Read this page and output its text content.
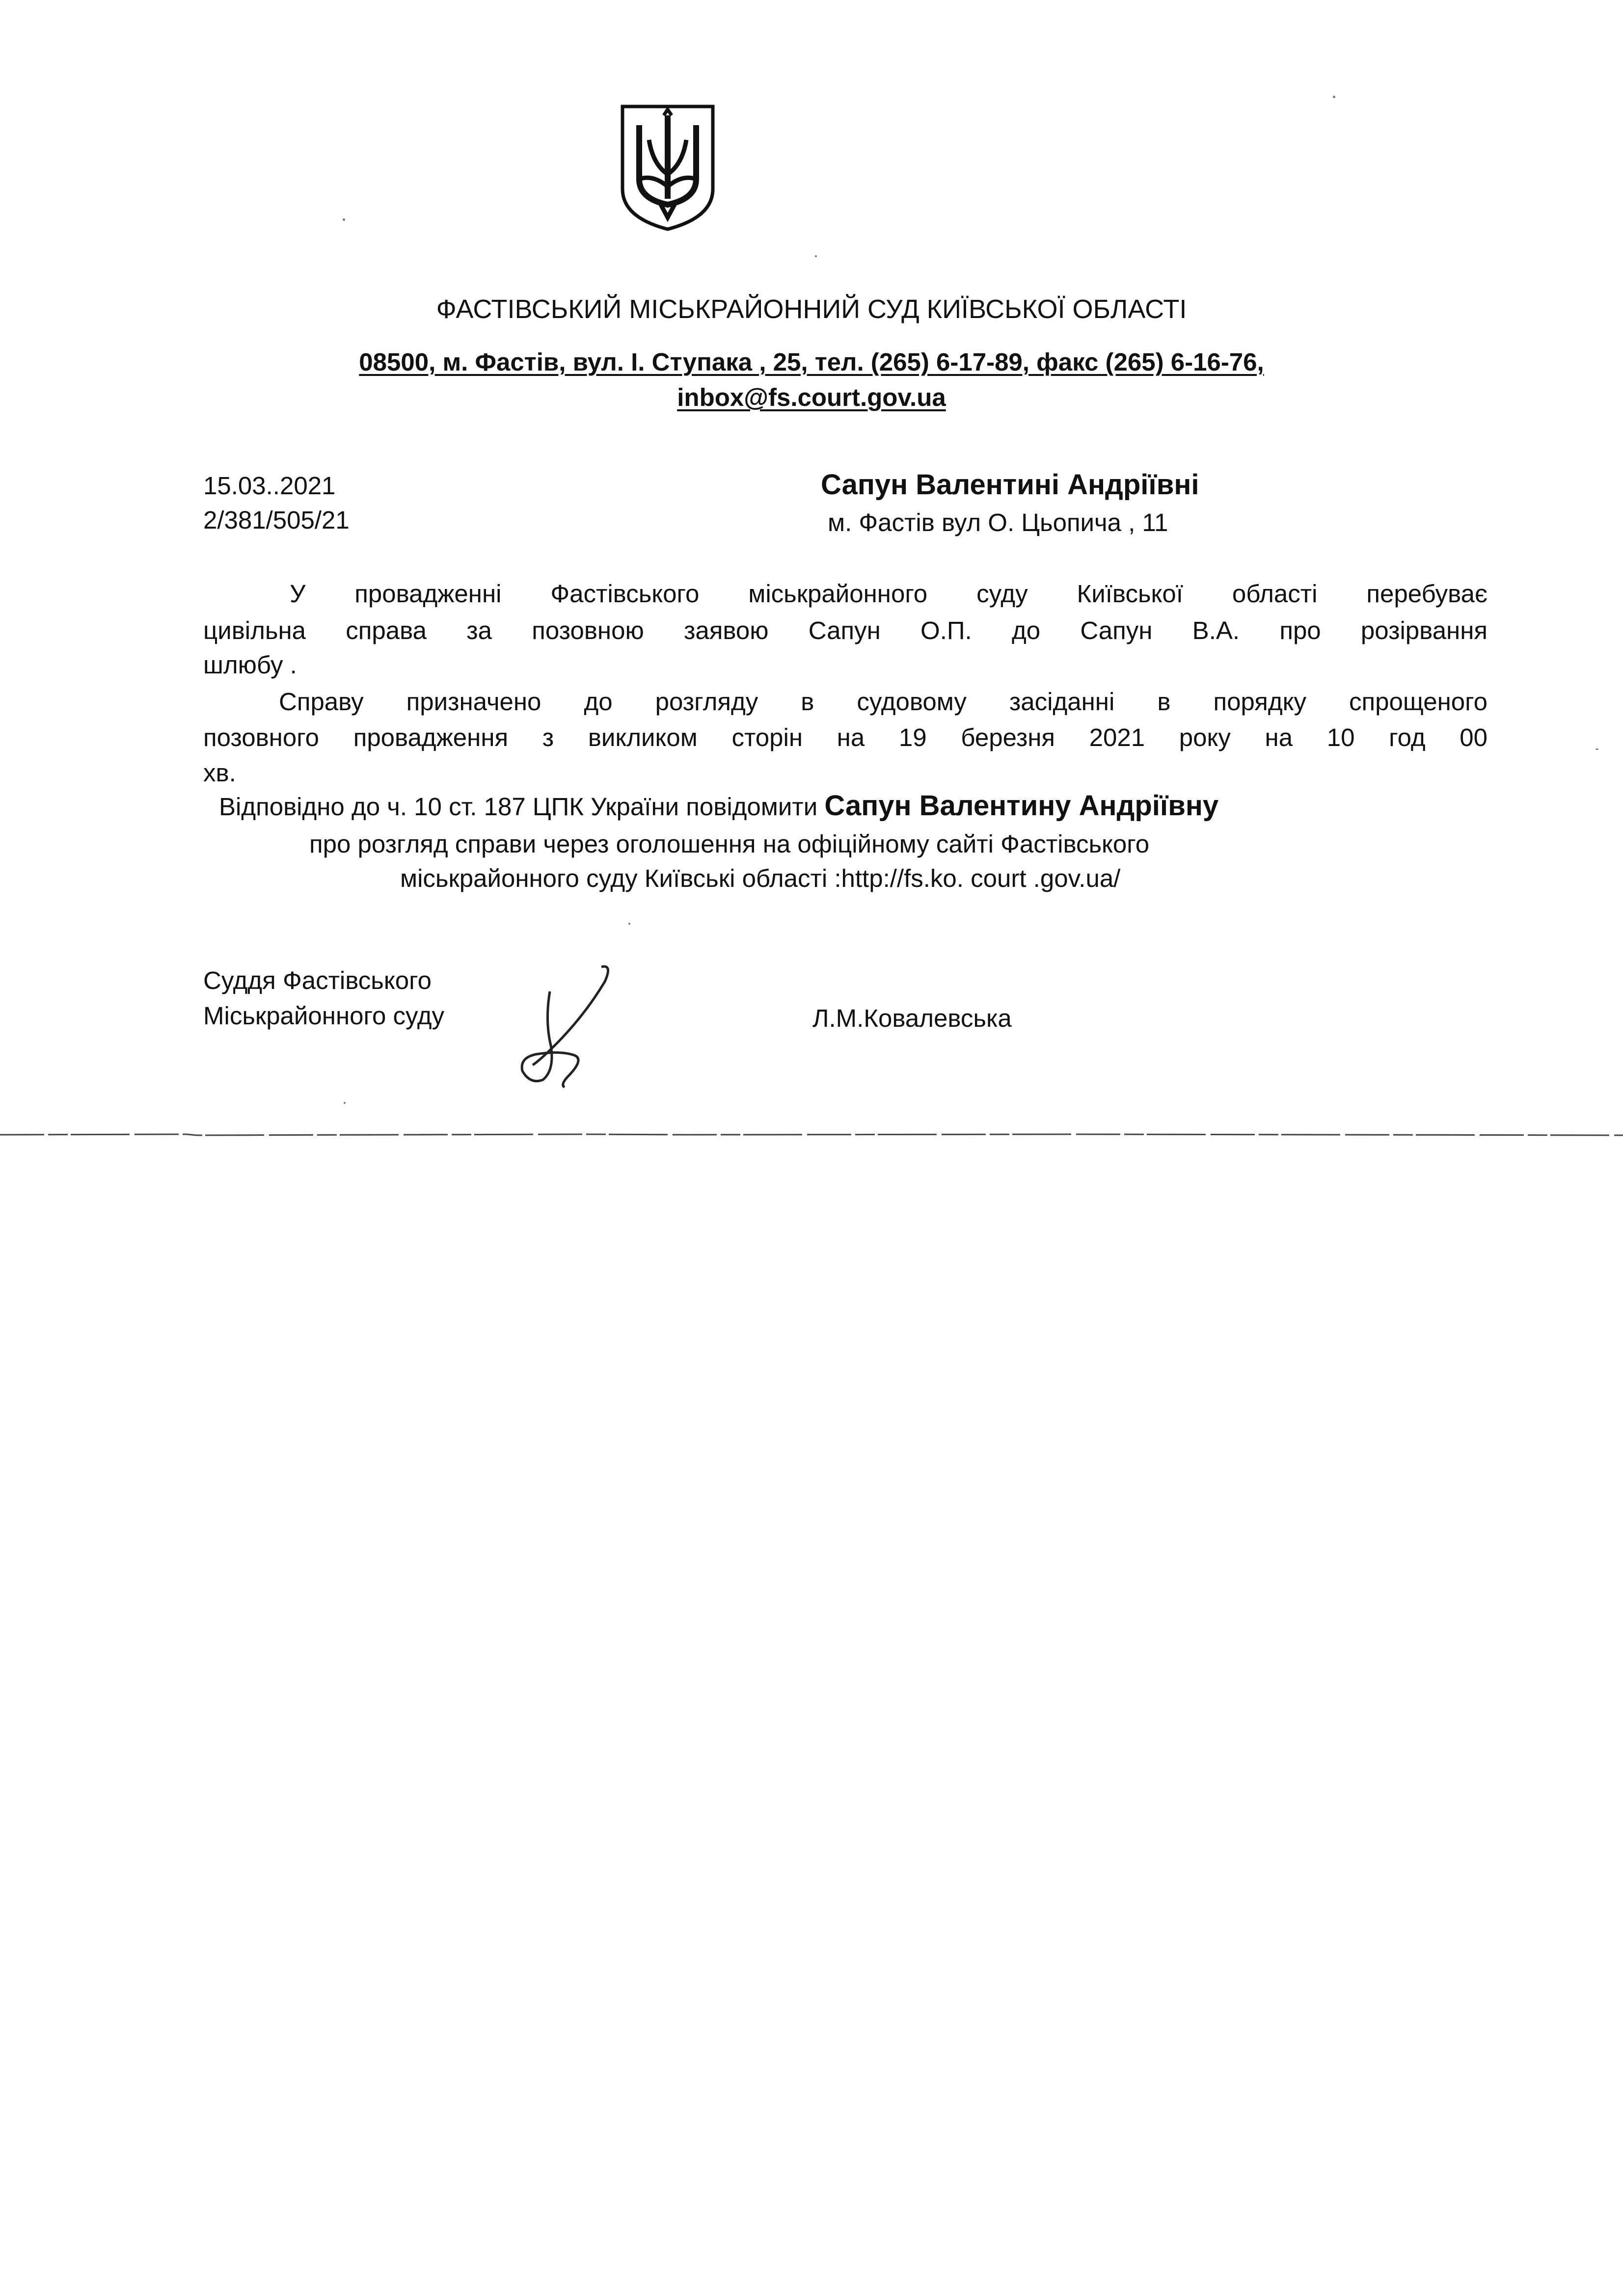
ФАСТІВСЬКИЙ МІСЬКРАЙОННИЙ СУД КИЇВСЬКОЇ ОБЛАСТІ
08500, м. Фастів, вул. І. Ступака , 25, тел. (265) 6-17-89, факс (265) 6-16-76,
inbox@fs.court.gov.ua
15.03..2021
2/381/505/21
Сапун Валентині Андріївні
м. Фастів вул О. Цьопича , 11
У провадженні Фастівського міськрайонного суду Київської області перебуває
цивільна справа за позовною заявою Сапун О.П. до Сапун В.А. про розірвання
шлюбу .
Справу призначено до розгляду в судовому засіданні в порядку спрощеного
позовного провадження з викликом сторін на 19 березня 2021 року на 10 год 00
хв.
Відповідно до ч. 10 ст. 187 ЦПК України повідомити Сапун Валентину Андріївну
про розгляд справи через оголошення на офіційному сайті Фастівського
міськрайонного суду Київські області :http://fs.ko. court .gov.ua/
Суддя Фастівського
Міськрайонного суду	Л.М.Ковалевська
